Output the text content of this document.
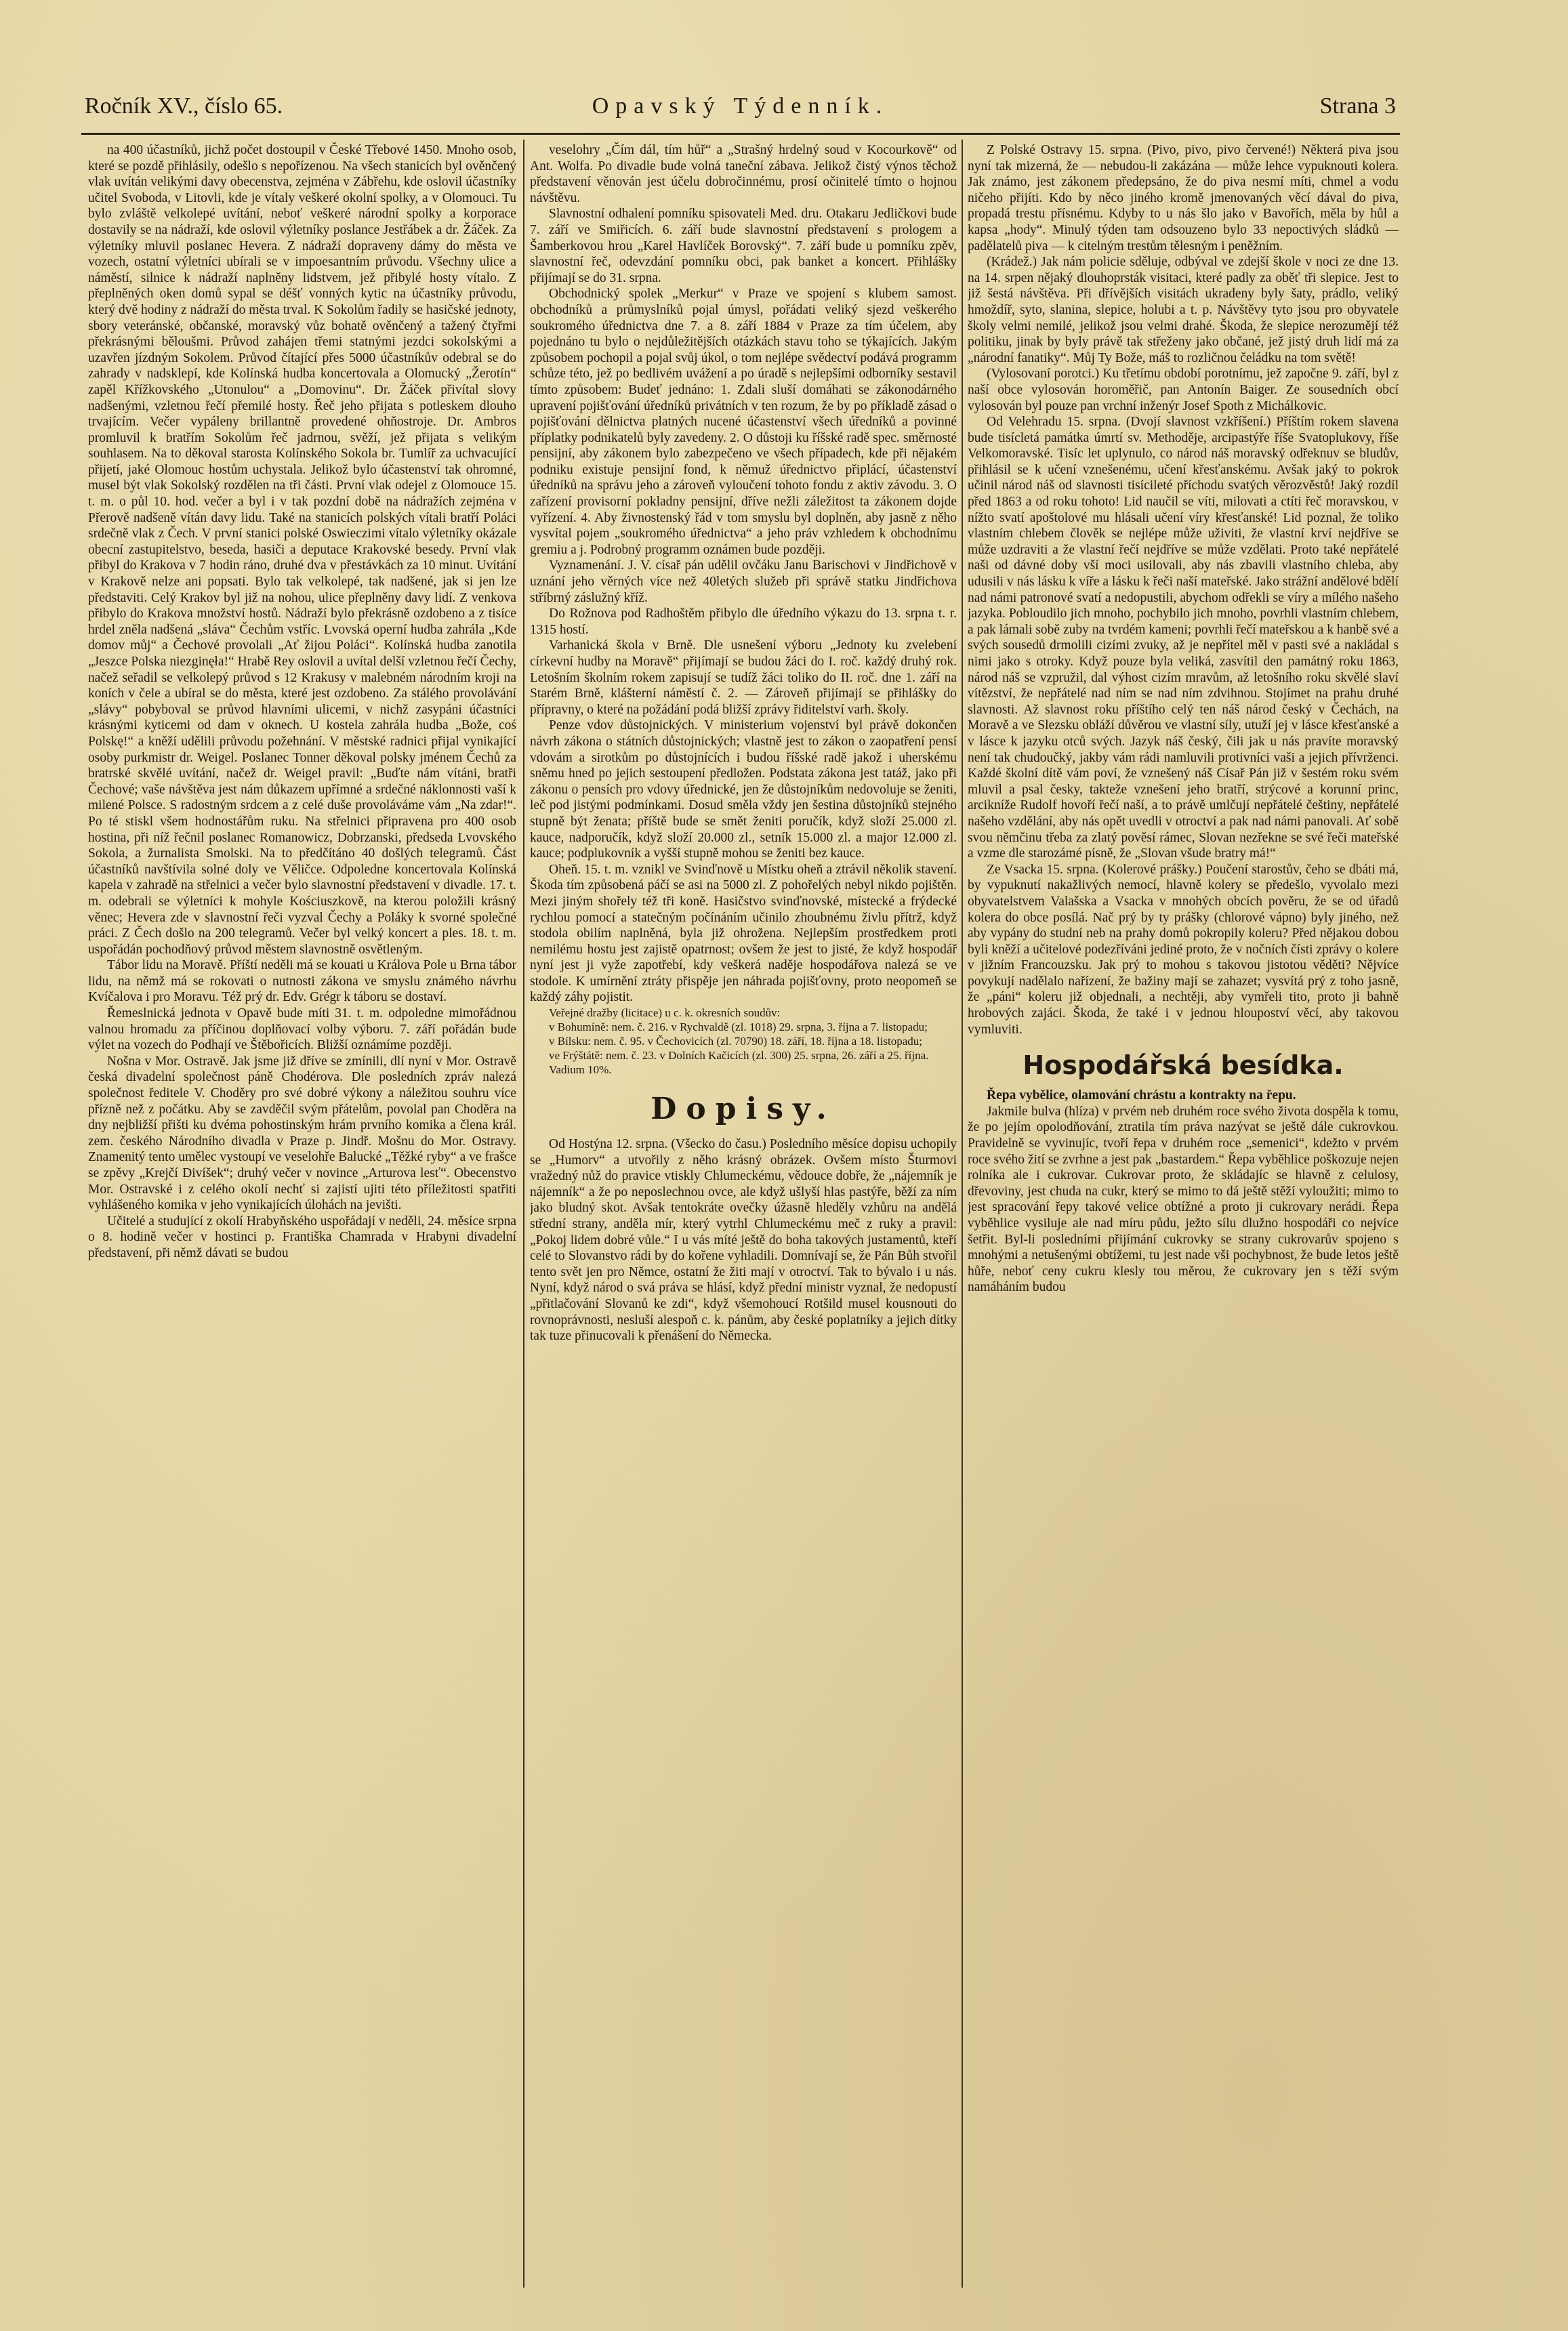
Ročník XV., číslo 65.	Opavský Týdenník.	Strana 3

na 400 účastníků, jichž počet dostoupil v České Třebové 1450. Mnoho osob, které se pozdě přihlásily, odešlo s nepořízenou. Na všech stanicích byl ověnčený vlak uvítán velikými davy obecenstva, zejména v Zábřehu, kde oslovil účastníky učitel Svoboda, v Litovli, kde je vítaly veškeré okolní spolky, a v Olomouci. Tu bylo zvláště velkolepé uvítání, neboť veškeré národní spolky a korporace dostavily se na nádraží, kde oslovil výletníky poslance Jestřábek a dr. Žáček. Za výletníky mluvil poslanec Hevera. Z nádraží dopraveny dámy do města ve vozech, ostatní výletníci ubírali se v impoesantním průvodu. Všechny ulice a náměstí, silnice k nádraží naplněny lidstvem, jež přibylé hosty vítalo. Z přeplněných oken domů sypal se déšť vonných kytic na účastníky průvodu, který dvě hodiny z nádraží do města trval. K Sokolům řadily se hasičské jednoty, sbory veteránské, občanské, moravský vůz bohatě ověnčený a tažený čtyřmi překrásnými běloušmi. Průvod zahájen třemi statnými jezdci sokolskými a uzavřen jízdným Sokolem. Průvod čítající přes 5000 účastníkův odebral se do zahrady v nadsklepí, kde Kolínská hudba koncertovala a Olomucký „Žerotín“ zapěl Křížkovského „Utonulou“ a „Domovinu“. Dr. Žáček přivítal slovy nadšenými, vzletnou řečí přemilé hosty. Řeč jeho přijata s potleskem dlouho trvajícím. Večer vypáleny brillantně provedené ohňostroje. Dr. Ambros promluvil k bratřím Sokolům řeč jadrnou, svěží, jež přijata s velikým souhlasem. Na to děkoval starosta Kolínského Sokola br. Tumlíř za uchvacující přijetí, jaké Olomouc hostům uchystala. Jelikož bylo účastenství tak ohromné, musel být vlak Sokolský rozdělen na tři části. První vlak odejel z Olomouce 15. t. m. o půl 10. hod. večer a byl i v tak pozdní době na nádražích zejména v Přerově nadšeně vítán davy lidu. Také na stanicích polských vítali bratří Poláci srdečně vlak z Čech. V první stanici polské Oswieczimi vítalo výletníky okázale obecní zastupitelstvo, beseda, hasiči a deputace Krakovské besedy. První vlak přibyl do Krakova v 7 hodin ráno, druhé dva v přestávkách za 10 minut. Uvítání v Krakově nelze ani popsati. Bylo tak velkolepé, tak nadšené, jak si jen lze představiti. Celý Krakov byl již na nohou, ulice přeplněny davy lidí. Z venkova přibylo do Krakova množství hostů. Nádraží bylo překrásně ozdobeno a z tisíce hrdel zněla nadšená „sláva“ Čechům vstříc. Lvovská operní hudba zahrála „Kde domov můj“ a Čechové provolali „Ať žijou Poláci“. Kolínská hudba zanotila „Jeszce Polska niezginęła!“ Hrabě Rey oslovil a uvítal delší vzletnou řečí Čechy, načež seřadil se velkolepý průvod s 12 Krakusy v malebném národním kroji na koních v čele a ubíral se do města, které jest ozdobeno. Za stálého provolávání „slávy“ pobyboval se průvod hlavními ulicemi, v nichž zasypáni účastníci krásnými kyticemi od dam v oknech. U kostela zahrála hudba „Bože, coś Polskę!“ a kněží udělili průvodu požehnání. V městské radnici přijal vynikající osoby purkmistr dr. Weigel. Poslanec Tonner děkoval polsky jménem Čechů za bratrské skvělé uvítání, načež dr. Weigel pravil: „Buďte nám vítáni, bratři Čechové; vaše návštěva jest nám důkazem upřímné a srdečné náklonnosti vaší k milené Polsce. S radostným srdcem a z celé duše provoláváme vám „Na zdar!“. Po té stiskl všem hodnostářům ruku. Na střelnici připravena pro 400 osob hostina, při níž řečnil poslanec Romanowicz, Dobrzanski, předseda Lvovského Sokola, a žurnalista Smolski. Na to předčítáno 40 došlých telegramů. Část účastníků navštívila solné doly ve Věličce. Odpoledne koncertovala Kolínská kapela v zahradě na střelnici a večer bylo slavnostní představení v divadle. 17. t. m. odebrali se výletníci k mohyle Kościuszkově, na kterou položili krásný věnec; Hevera zde v slavnostní řeči vyzval Čechy a Poláky k svorné společné práci. Z Čech došlo na 200 telegramů. Večer byl velký koncert a ples. 18. t. m. uspořádán pochodňový průvod městem slavnostně osvětleným.

Tábor lidu na Moravě. Příští neděli má se kouati u Králova Pole u Brna tábor lidu, na němž má se rokovati o nutnosti zákona ve smyslu známého návrhu Kvíčalova i pro Moravu. Též prý dr. Edv. Grégr k táboru se dostaví.

Řemeslnická jednota v Opavě bude míti 31. t. m. odpoledne mimořádnou valnou hromadu za příčinou doplňovací volby výboru. 7. září pořádán bude výlet na vozech do Podhají ve Štěbořicích. Bližší oznámíme později.

Nošna v Mor. Ostravě. Jak jsme již dříve se zmínili, dlí nyní v Mor. Ostravě česká divadelní společnost páně Chodérova. Dle posledních zpráv nalezá společnost ředitele V. Choděry pro své dobré výkony a náležitou souhru více přízně než z počátku. Aby se zavděčil svým přátelům, povolal pan Choděra na dny nejbližší přišti ku dvéma pohostinským hrám prvního komika a člena král. zem. českého Národního divadla v Praze p. Jindř. Mošnu do Mor. Ostravy. Znamenitý tento umělec vystoupí ve veselohře Balucké „Těžké ryby“ a ve frašce se zpěvy „Krejčí Divíšek“; druhý večer v novince „Arturova lesť“. Obecenstvo Mor. Ostravské i z celého okolí nechť si zajistí ujiti této příležitosti spatřiti vyhlášeného komika v jeho vynikajících úlohách na jevišti.

Učitelé a studující z okolí Hrabyňského uspořádají v neděli, 24. měsíce srpna o 8. hodině večer v hostinci p. Františka Chamrada v Hrabyni divadelní představení, při němž dávati se budou

veselohry „Čím dál, tím hůř“ a „Strašný hrdelný soud v Kocourkově“ od Ant. Wolfa. Po divadle bude volná taneční zábava. Jelikož čistý výnos těchož představení věnován jest účelu dobročinnému, prosí očinitelé tímto o hojnou návštěvu.

Slavnostní odhalení pomníku spisovateli Med. dru. Otakaru Jedličkovi bude 7. září ve Smiřicích. 6. září bude slavnostní představení s prologem a Šamberkovou hrou „Karel Havlíček Borovský“. 7. září bude u pomníku zpěv, slavnostní řeč, odevzdání pomníku obci, pak banket a koncert. Přihlášky přijímají se do 31. srpna.

Obchodnický spolek „Merkur“ v Praze ve spojení s klubem samost. obchodníků a průmyslníků pojal úmysl, pořádati veliký sjezd veškerého soukromého úřednictva dne 7. a 8. září 1884 v Praze za tím účelem, aby pojednáno tu bylo o nejdůležitějších otázkách stavu toho se týkajících. Jakým způsobem pochopil a pojal svůj úkol, o tom nejlépe svědectví podává programm schůze této, jež po bedlivém uvážení a po úradě s nejlepšími odborníky sestavil tímto způsobem: Budeť jednáno: 1. Zdali sluší domáhati se zákonodárného upravení pojišťování úředníků privátních v ten rozum, že by po příkladě zásad o pojišťování dělnictva platných nucené účastenství všech úředníků a povinné příplatky podnikatelů byly zavedeny. 2. O důstoji ku říšské radě spec. směrnosté pensijní, aby zákonem bylo zabezpečeno ve všech případech, kde při nějakém podniku existuje pensijní fond, k němuž úřednictvo připlácí, účastenství úředníků na správu jeho a zároveň vyloučení tohoto fondu z aktiv závodu. 3. O zařízení provisorní pokladny pensijní, dříve nežli záležitost ta zákonem dojde vyřízení. 4. Aby živnostenský řád v tom smyslu byl doplněn, aby jasně z něho vysvítal pojem „soukromého úřednictva“ a jeho práv vzhledem k obchodnímu gremiu a j. Podrobný programm oznámen bude později.

Vyznamenání. J. V. císař pán udělil ovčáku Janu Barischovi v Jindřichově v uznání jeho věrných více než 40letých služeb při správě statku Jindřichova stříbrný záslužný kříž.

Do Rožnova pod Radhoštěm přibylo dle úředního výkazu do 13. srpna t. r. 1315 hostí.

Varhanická škola v Brně. Dle usnešení výboru „Jednoty ku zvelebení církevní hudby na Moravě“ přijímají se budou žáci do I. roč. každý druhý rok. Letošním školním rokem zapisují se tudíž žáci toliko do II. roč. dne 1. září na Starém Brně, klášterní náměstí č. 2. — Zároveň přijímají se přihlášky do přípravny, o které na požádání podá bližší zprávy řiditelství varh. školy.

Penze vdov důstojnických. V ministerium vojenství byl právě dokončen návrh zákona o státních důstojnických; vlastně jest to zákon o zaopatření pensí vdovám a sirotkům po důstojnících i budou říšské radě jakož i uherskému sněmu hned po jejich sestoupení předložen. Podstata zákona jest tatáž, jako při zákonu o pensích pro vdovy úřednické, jen že důstojníkům nedovoluje se ženiti, leč pod jistými podmínkami. Dosud směla vždy jen šestina důstojníků stejného stupně být ženata; příště bude se smět ženiti poručík, když složí 25.000 zl. kauce, nadporučík, když složí 20.000 zl., setník 15.000 zl. a major 12.000 zl. kauce; podplukovník a vyšší stupně mohou se ženiti bez kauce.

Oheň. 15. t. m. vznikl ve Svinďnově u Místku oheň a ztrávil několik stavení. Škoda tím způsobená páčí se asi na 5000 zl. Z pohořelých nebyl nikdo pojištěn. Mezi jiným shořely též tři koně. Hasičstvo svinďnovské, místecké a frýdecké rychlou pomocí a statečným počínáním učinilo zhoubnému živlu přítrž, když stodola obilím naplněná, byla již ohrožena. Nejlepším prostředkem proti nemilému hostu jest zajistě opatrnost; ovšem že jest to jisté, že když hospodář nyní jest ji vyže zapotřebí, kdy veškerá naděje hospodářova nalezá se ve stodole. K umírnění ztráty přispěje jen náhrada pojišťovny, proto neopomeň se každý záhy pojistit.

Veřejné dražby (licitace) u c. k. okresních soudův:

v Bohumíně: nem. č. 216. v Rychvaldě (zl. 1018) 29. srpna, 3. října a 7. listopadu;

v Bílsku: nem. č. 95. v Čechovicích (zl. 70790) 18. září, 18. října a 18. listopadu;

ve Frýštátě: nem. č. 23. v Dolních Kačicích (zl. 300) 25. srpna, 26. září a 25. října.

Vadium 10%.

Dopisy.

Od Hostýna 12. srpna. (Všecko do času.) Posledního měsíce dopisu uchopily se „Humorv“ a utvořily z něho krásný obrázek. Ovšem místo Šturmovi vražedný nůž do pravice vtiskly Chlumeckému, vědouce dobře, že „nájemník je nájemník“ a že po neposlechnou ovce, ale když ušlyší hlas pastýře, běží za ním jako bludný skot. Avšak tentokráte ovečky úžasně hleděly vzhůru na andělá střední strany, anděla mír, který vytrhl Chlumeckému meč z ruky a pravil: „Pokoj lidem dobré vůle.“ I u vás míté ještě do boha takových justamentů, kteří celé to Slovanstvo rádi by do kořene vyhladili. Domnívají se, že Pán Bůh stvořil tento svět jen pro Němce, ostatní že žiti mají v otroctví. Tak to bývalo i u nás. Nyní, když národ o svá práva se hlásí, když přední ministr vyznal, že nedopustí „přitlačování Slovanů ke zdi“, když všemohoucí Rotšild musel kousnouti do rovnoprávnosti, nesluší alespoň c. k. pánům, aby české poplatníky a jejich dítky tak tuze přinucovali k přenášení do Německa.

Z Polské Ostravy 15. srpna. (Pivo, pivo, pivo červené!) Některá piva jsou nyní tak mizerná, že — nebudou-li zakázána — může lehce vypuknouti kolera. Jak známo, jest zákonem předepsáno, že do piva nesmí míti, chmel a vodu ničeho přijíti. Kdo by něco jiného kromě jmenovaných věcí dával do piva, propadá trestu přísnému. Kdyby to u nás šlo jako v Bavořích, měla by hůl a kapsa „hody“. Minulý týden tam odsouzeno bylo 33 nepoctivých sládků — padělatelů piva — k citelným trestům tělesným i peněžním.

(Krádež.) Jak nám policie sděluje, odbýval ve zdejší škole v noci ze dne 13. na 14. srpen nějaký dlouhoprsták visitaci, které padly za oběť tři slepice. Jest to již šestá návštěva. Při dřívějších visitách ukradeny byly šaty, prádlo, veliký hmoždíř, syto, slanina, slepice, holubi a t. p. Návštěvy tyto jsou pro obyvatele školy velmi nemilé, jelikož jsou velmi drahé. Škoda, že slepice nerozumějí též politiku, jinak by byly právě tak střeženy jako občané, jež jistý druh lidí má za „národní fanatiky“. Můj Ty Bože, máš to rozličnou čeládku na tom světě!

(Vylosovaní porotci.) Ku třetímu období porotnímu, jež započne 9. září, byl z naší obce vylosován horoměřič, pan Antonín Baiger. Ze sousedních obcí vylosován byl pouze pan vrchní inženýr Josef Spoth z Michálkovic.

Od Velehradu 15. srpna. (Dvojí slavnost vzkříšení.) Příštím rokem slavena bude tisícletá památka úmrtí sv. Methoděje, arcipastýře říše Svatoplukovy, říše Velkomoravské. Tisíc let uplynulo, co národ náš moravský odřeknuv se bludův, přihlásil se k učení vznešenému, učení křesťanskému. Avšak jaký to pokrok učinil národ náš od slavnosti tisícileté příchodu svatých věrozvěstů! Jaký rozdíl před 1863 a od roku tohoto! Lid naučil se víti, milovati a ctíti řeč moravskou, v nížto svatí apoštolové mu hlásali učení víry křesťanské! Lid poznal, že toliko vlastním chlebem člověk se nejlépe může uživiti, že vlastní krví nejdříve se může uzdraviti a že vlastní řečí nejdříve se může vzdělati. Proto také nepřátelé naši od dávné doby vší moci usilovali, aby nás zbavili vlastního chleba, aby udusili v nás lásku k víře a lásku k řeči naší mateřské. Jako strážní andělové bdělí nad námi patronové svatí a nedopustili, abychom odřekli se víry a mílého našeho jazyka. Pobloudilo jich mnoho, pochybilo jich mnoho, povrhli vlastním chlebem, a pak lámali sobě zuby na tvrdém kameni; povrhli řečí mateřskou a k hanbě své a svých sousedů drmolili cizími zvuky, až je nepřítel měl v pasti své a nakládal s nimi jako s otroky. Když pouze byla veliká, zasvítil den památný roku 1863, národ náš se vzpružil, dal výhost cizím mravům, až letošního roku skvělé slaví vítězství, že nepřátelé nad ním se nad ním zdvihnou. Stojímet na prahu druhé slavnosti. Až slavnost roku příštího celý ten náš národ český v Čechách, na Moravě a ve Slezsku obláží důvěrou ve vlastní síly, utuží jej v lásce křesťanské a v lásce k jazyku otců svých. Jazyk náš český, čili jak u nás pravíte moravský není tak chudoučký, jakby vám rádi namluvili protivníci vaši a jejich přívrženci. Každé školní dítě vám poví, že vznešený náš Císař Pán již v šestém roku svém mluvil a psal česky, takteže vznešení jeho bratří, strýcové a korunní princ, arcikníže Rudolf hovoří řečí naší, a to právě umlčují nepřátelé češtiny, nepřátelé našeho vzdělání, aby nás opět uvedli v otroctví a pak nad námi panovali. Ať sobě svou němčinu třeba za zlatý pověsí rámec, Slovan nezřekne se své řeči mateřské a vzme dle starozámé písně, že „Slovan všude bratry má!“

Ze Vsacka 15. srpna. (Kolerové prášky.) Poučení starostův, čeho se dbáti má, by vypuknutí nakažlivých nemocí, hlavně kolery se předešlo, vyvolalo mezi obyvatelstvem Valašska a Vsacka v mnohých obcích pověru, že se od úřadů kolera do obce posílá. Nač prý by ty prášky (chlorové vápno) byly jiného, než aby vypány do studní neb na prahy domů pokropily koleru? Před nějakou dobou byli kněží a učitelové podezříváni jediné proto, že v nočních čísti zprávy o kolere v jižním Francouzsku. Jak prý to mohou s takovou jistotou věděti? Nějvíce povykují nadělalo nařízení, že bažiny mají se zahazet; vysvítá prý z toho jasně, že „páni“ koleru již objednali, a nechtěji, aby vymřeli tito, proto ji bahně hrobových zajáci. Škoda, že také i v jednou hloupoství věcí, aby takovou vymluviti.

Hospodářská besídka.

Řepa vybělice, olamování chrástu a kontrakty na řepu.

Jakmile bulva (hlíza) v prvém neb druhém roce svého života dospěla k tomu, že po jejím opolodňování, ztratila tím práva nazývat se ještě dále cukrovkou. Pravidelně se vyvinujíc, tvoří řepa v druhém roce „semenici“, kdežto v prvém roce svého žití se zvrhne a jest pak „bastardem.“ Řepa vyběhlice poškozuje nejen rolníka ale i cukrovar. Cukrovar proto, že skládajíc se hlavně z celulosy, dřevoviny, jest chuda na cukr, který se mimo to dá ještě stěží vyloužiti; mimo to jest spracování řepy takové velice obtížné a proto ji cukrovary nerádi. Řepa vyběhlice vysiluje ale nad míru půdu, ježto sílu dlužno hospodáři co nejvíce šetřit. Byl-li posledními přijímání cukrovky se strany cukrovarův spojeno s mnohými a netušenými obtížemi, tu jest nade vši pochybnost, že bude letos ještě hůře, neboť ceny cukru klesly tou měrou, že cukrovary jen s těží svým namáháním budou
